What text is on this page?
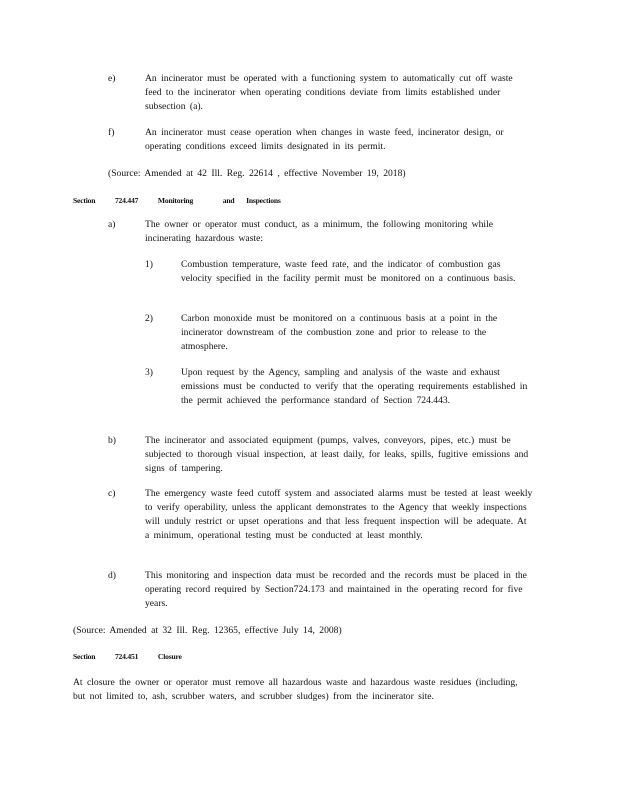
e)	An incinerator must be operated with a functioning system to automatically cut off waste feed to the incinerator when operating conditions deviate from limits established under subsection (a).

f)	An incinerator must cease operation when changes in waste feed, incinerator design, or operating conditions exceed limits designated in its permit.

(Source: Amended at 42 Ill. Reg. 22614 , effective November 19, 2018)

Section	724.447	Monitoring	and Inspections

a)	The owner or operator must conduct, as a minimum, the following monitoring while incinerating hazardous waste:

1)	Combustion temperature, waste feed rate, and the indicator of combustion gas velocity specified in the facility permit must be monitored on a continuous basis.

2)	Carbon monoxide must be monitored on a continuous basis at a point in the incinerator downstream of the combustion zone and prior to release to the atmosphere.

3)	Upon request by the Agency, sampling and analysis of the waste and exhaust emissions must be conducted to verify that the operating requirements established in the permit achieved the performance standard of Section 724.443.

b)	The incinerator and associated equipment (pumps, valves, conveyors, pipes, etc.) must be subjected to thorough visual inspection, at least daily, for leaks, spills, fugitive emissions and signs of tampering.

c)	The emergency waste feed cutoff system and associated alarms must be tested at least weekly to verify operability, unless the applicant demonstrates to the Agency that weekly inspections will unduly restrict or upset operations and that less frequent inspection will be adequate. At a minimum, operational testing must be conducted at least monthly.

d)	This monitoring and inspection data must be recorded and the records must be placed in the operating record required by Section724.173 and maintained in the operating record for five years.

(Source: Amended at 32 Ill. Reg. 12365, effective July 14, 2008)

Section	724.451	Closure

At closure the owner or operator must remove all hazardous waste and hazardous waste residues (including, but not limited to, ash, scrubber waters, and scrubber sludges) from the incinerator site.
